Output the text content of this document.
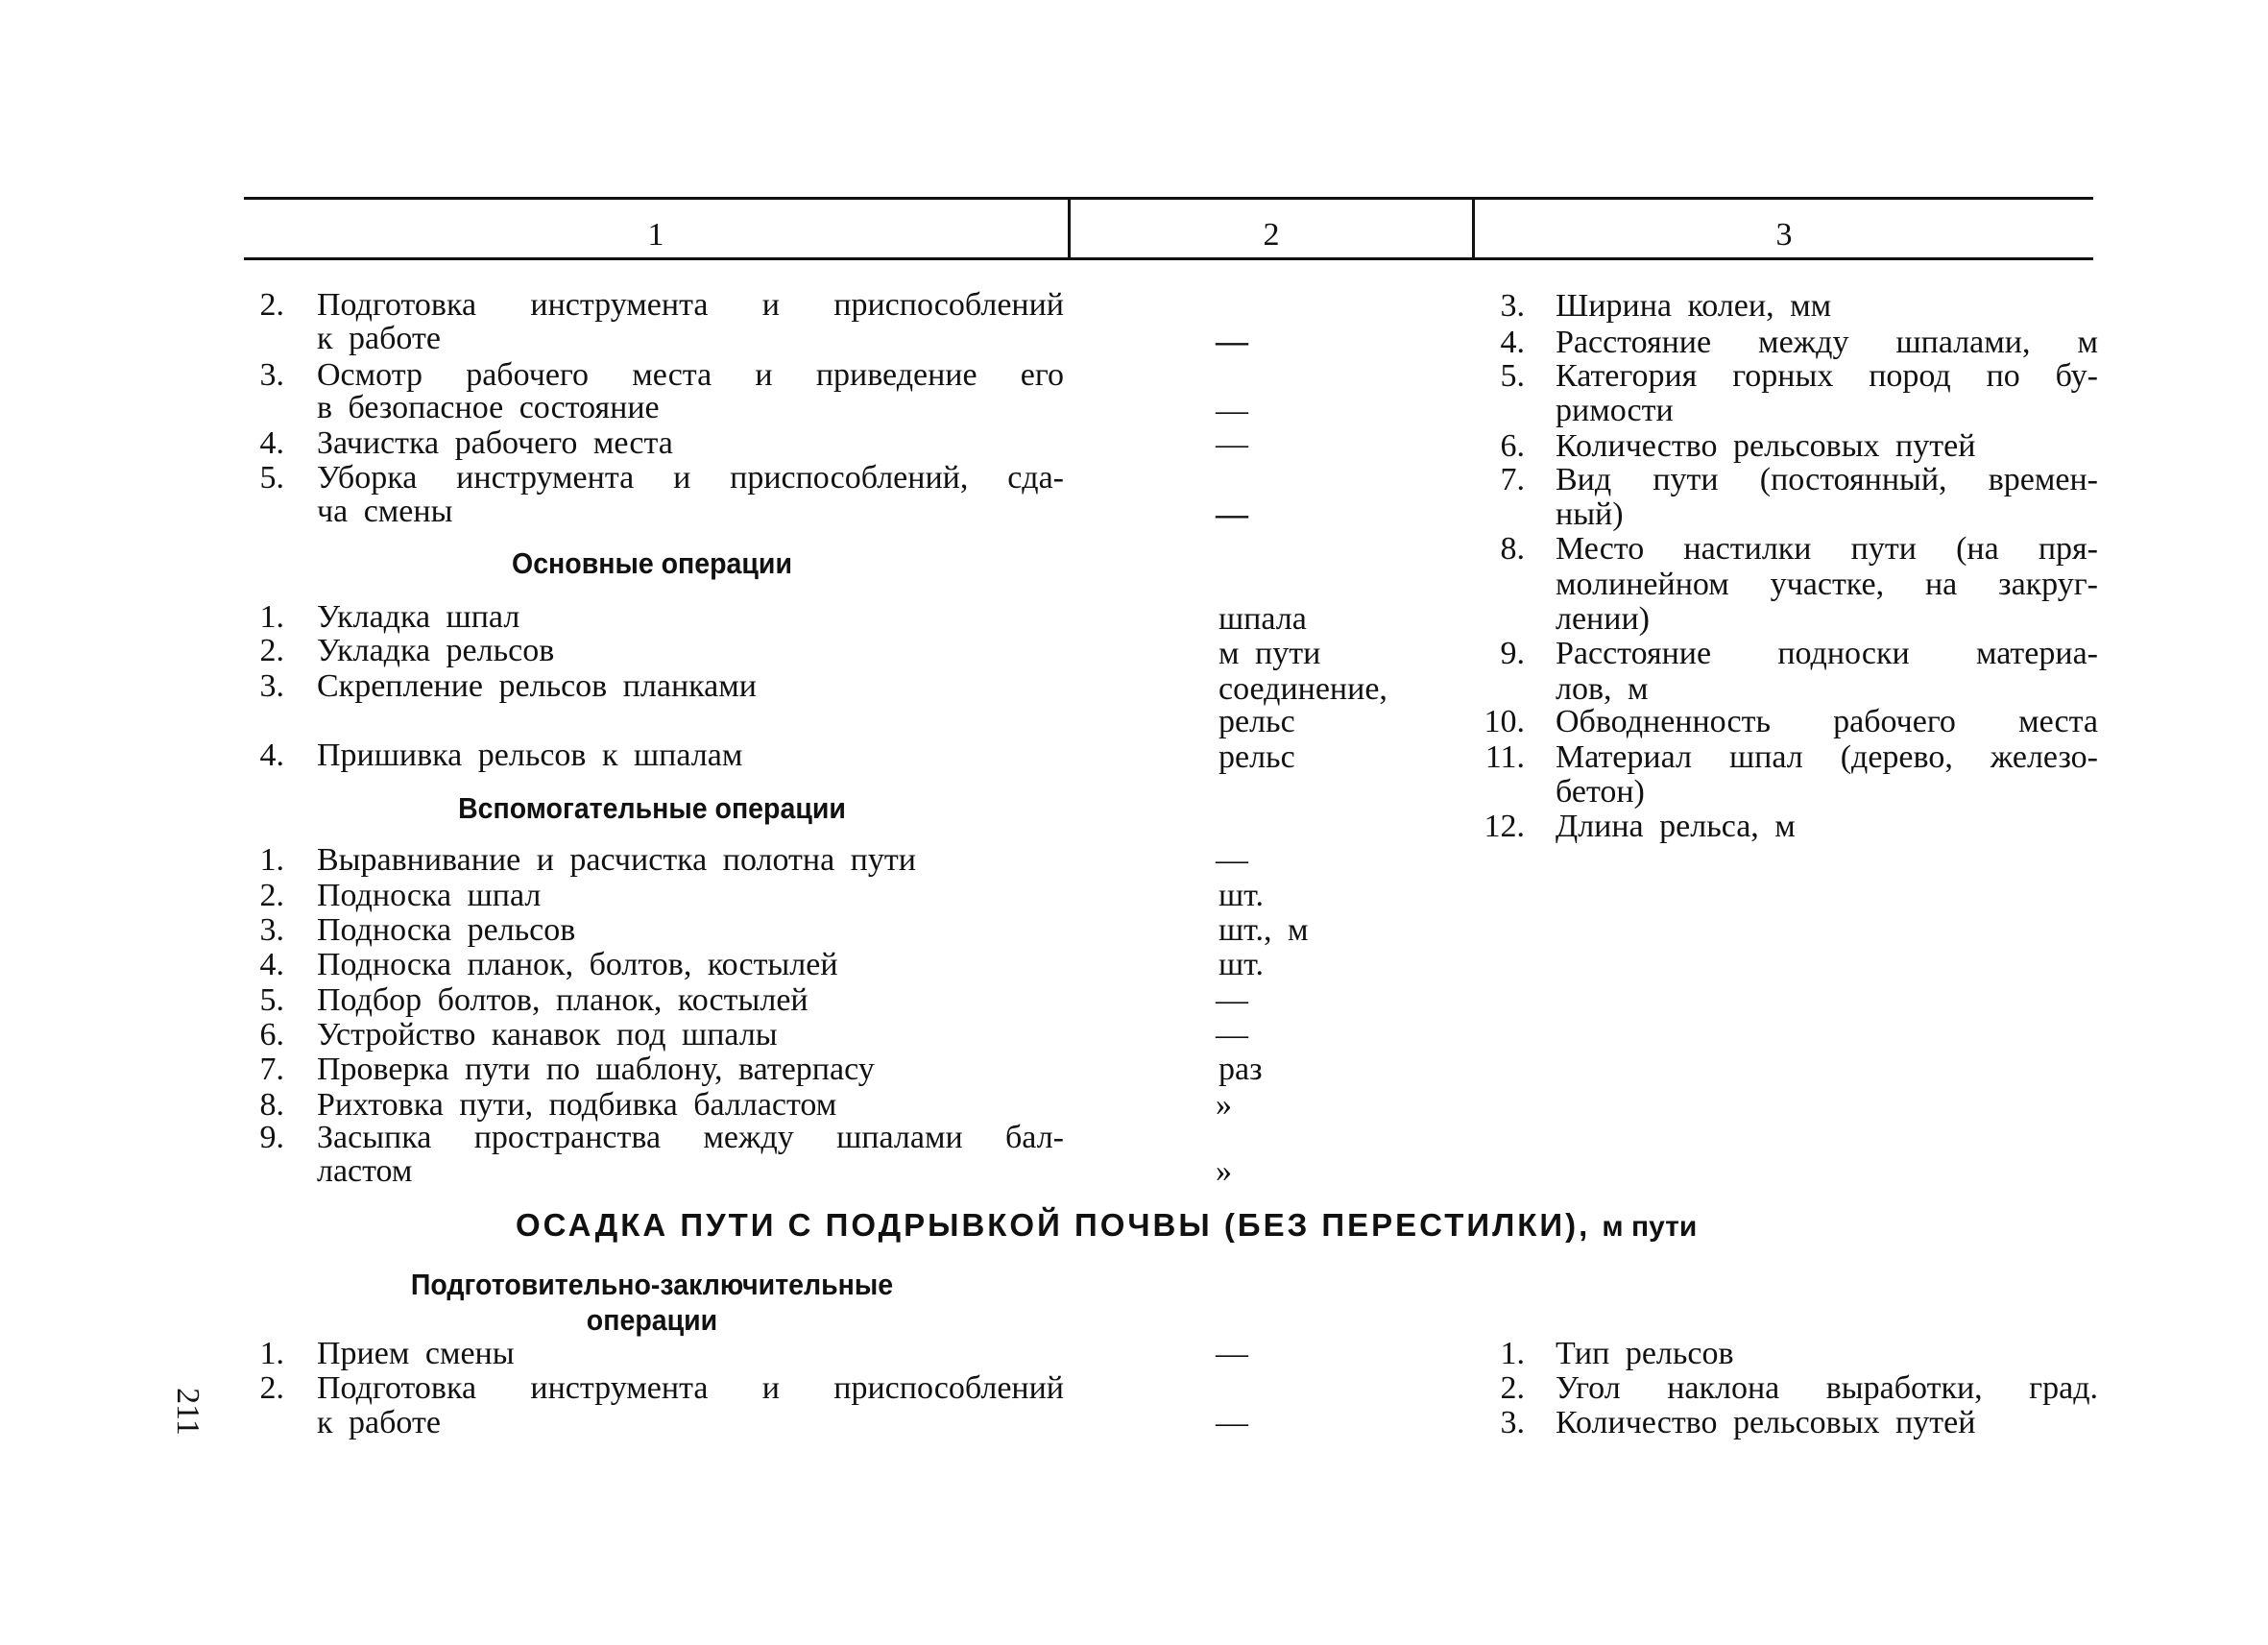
1	2	3
ОСАДКА ПУТИ С ПОДРЫВКОЙ ПОЧВЫ (БЕЗ ПЕРЕСТИЛКИ), м пути
211
2. Подготовка инструмента и приспособлений
к работе
3. Осмотр рабочего места и приведение его
в безопасное состояние
4. Зачистка рабочего места
5. Уборка инструмента и приспособлений, сда-
ча смены
Основные операции
1. Укладка шпал
2. Укладка рельсов
3. Скрепление рельсов планками
4. Пришивка рельсов к шпалам
Вспомогательные операции
1. Выравнивание и расчистка полотна пути
2. Подноска шпал
3. Подноска рельсов
4. Подноска планок, болтов, костылей
5. Подбор болтов, планок, костылей
6. Устройство канавок под шпалы
7. Проверка пути по шаблону, ватерпасу
8. Рихтовка пути, подбивка балластом
9. Засыпка пространства между шпалами бал-
ластом
Подготовительно-заключительные
операции
1. Прием смены
2. Подготовка инструмента и приспособлений
к работе
—
—
—
—
шпала
м пути
соединение,
рельс
рельс
—
шт.
шт., м
шт.
—
—
раз
»
»
—
—
3. Ширина колеи, мм
4. Расстояние между шпалами, м
5. Категория горных пород по бу-
римости
6. Количество рельсовых путей
7. Вид пути (постоянный, времен-
ный)
8. Место настилки пути (на пря-
молинейном участке, на закруг-
лении)
9. Расстояние подноски материа-
лов, м
10. Обводненность рабочего места
11. Материал шпал (дерево, железо-
бетон)
12. Длина рельса, м
1. Тип рельсов
2. Угол наклона выработки, град.
3. Количество рельсовых путей
